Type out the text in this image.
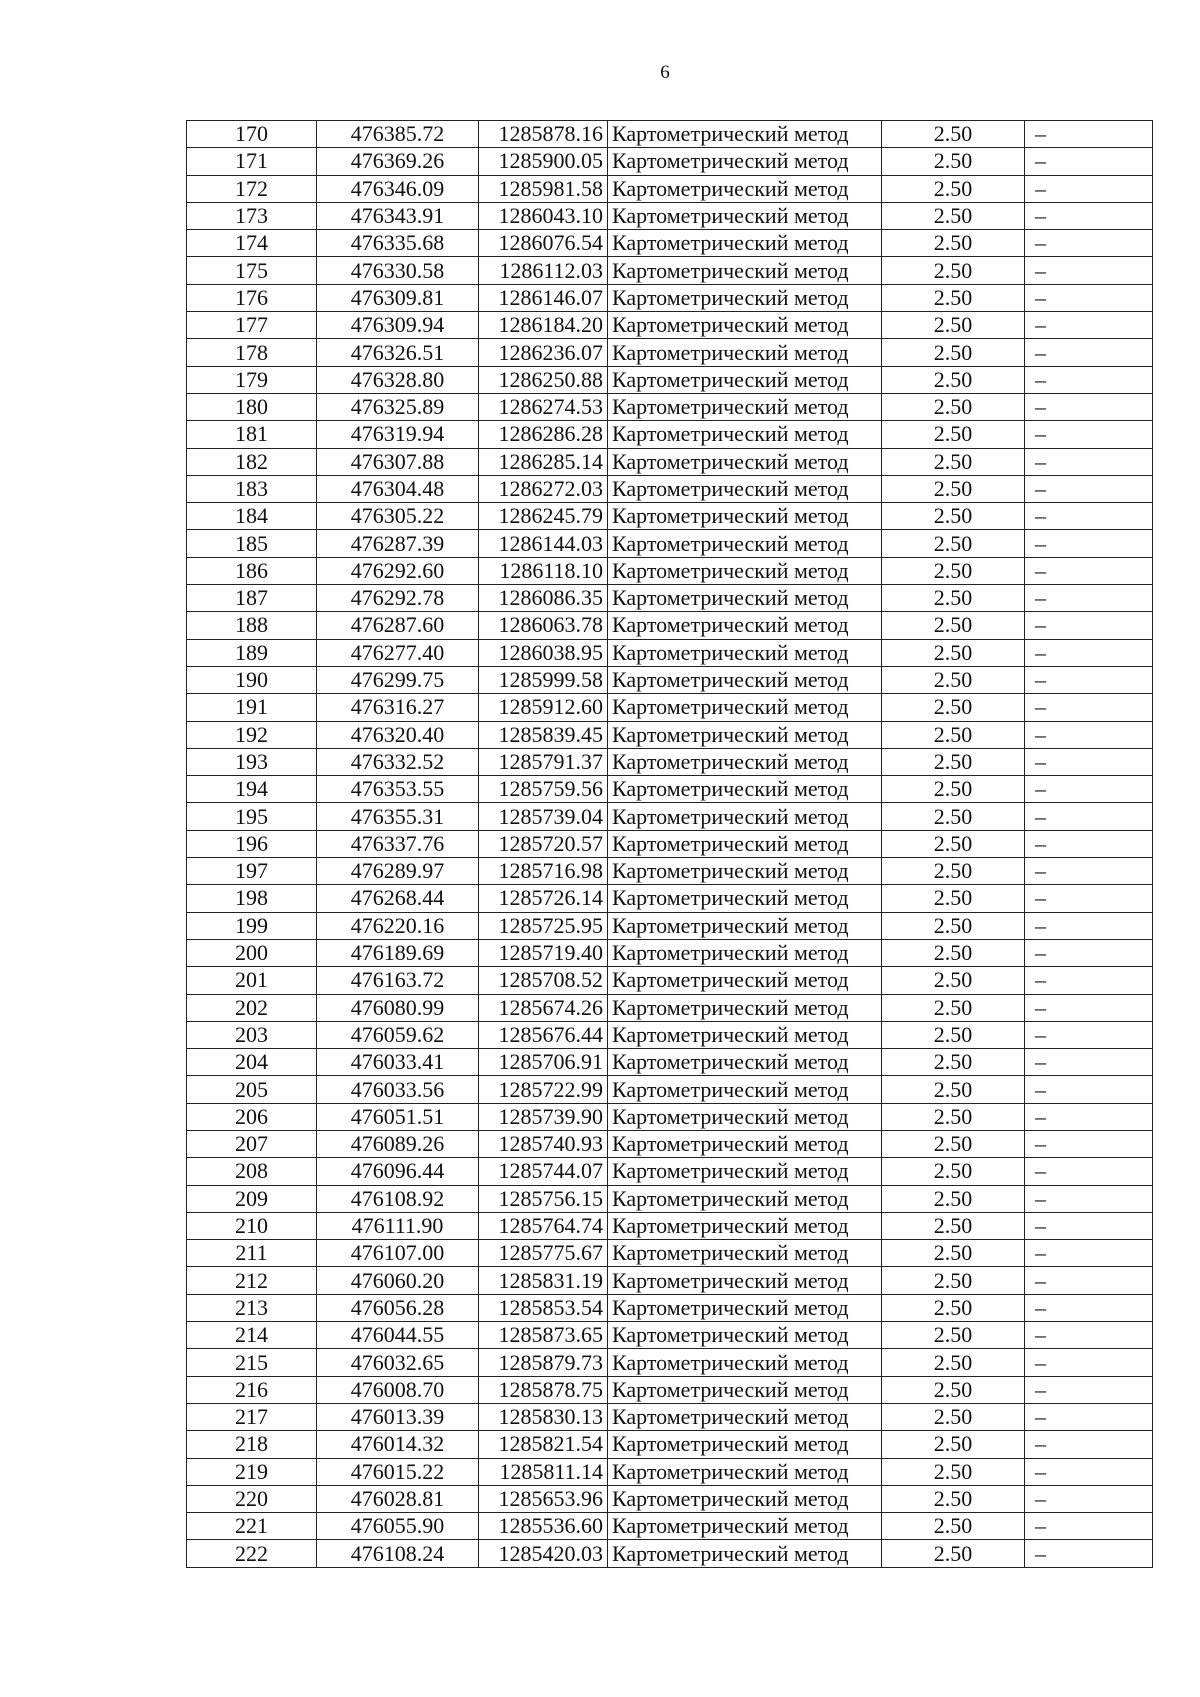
6
170	476385.72	1285878.16	Картометрический метод	2.50	–
171	476369.26	1285900.05	Картометрический метод	2.50	–
172	476346.09	1285981.58	Картометрический метод	2.50	–
173	476343.91	1286043.10	Картометрический метод	2.50	–
174	476335.68	1286076.54	Картометрический метод	2.50	–
175	476330.58	1286112.03	Картометрический метод	2.50	–
176	476309.81	1286146.07	Картометрический метод	2.50	–
177	476309.94	1286184.20	Картометрический метод	2.50	–
178	476326.51	1286236.07	Картометрический метод	2.50	–
179	476328.80	1286250.88	Картометрический метод	2.50	–
180	476325.89	1286274.53	Картометрический метод	2.50	–
181	476319.94	1286286.28	Картометрический метод	2.50	–
182	476307.88	1286285.14	Картометрический метод	2.50	–
183	476304.48	1286272.03	Картометрический метод	2.50	–
184	476305.22	1286245.79	Картометрический метод	2.50	–
185	476287.39	1286144.03	Картометрический метод	2.50	–
186	476292.60	1286118.10	Картометрический метод	2.50	–
187	476292.78	1286086.35	Картометрический метод	2.50	–
188	476287.60	1286063.78	Картометрический метод	2.50	–
189	476277.40	1286038.95	Картометрический метод	2.50	–
190	476299.75	1285999.58	Картометрический метод	2.50	–
191	476316.27	1285912.60	Картометрический метод	2.50	–
192	476320.40	1285839.45	Картометрический метод	2.50	–
193	476332.52	1285791.37	Картометрический метод	2.50	–
194	476353.55	1285759.56	Картометрический метод	2.50	–
195	476355.31	1285739.04	Картометрический метод	2.50	–
196	476337.76	1285720.57	Картометрический метод	2.50	–
197	476289.97	1285716.98	Картометрический метод	2.50	–
198	476268.44	1285726.14	Картометрический метод	2.50	–
199	476220.16	1285725.95	Картометрический метод	2.50	–
200	476189.69	1285719.40	Картометрический метод	2.50	–
201	476163.72	1285708.52	Картометрический метод	2.50	–
202	476080.99	1285674.26	Картометрический метод	2.50	–
203	476059.62	1285676.44	Картометрический метод	2.50	–
204	476033.41	1285706.91	Картометрический метод	2.50	–
205	476033.56	1285722.99	Картометрический метод	2.50	–
206	476051.51	1285739.90	Картометрический метод	2.50	–
207	476089.26	1285740.93	Картометрический метод	2.50	–
208	476096.44	1285744.07	Картометрический метод	2.50	–
209	476108.92	1285756.15	Картометрический метод	2.50	–
210	476111.90	1285764.74	Картометрический метод	2.50	–
211	476107.00	1285775.67	Картометрический метод	2.50	–
212	476060.20	1285831.19	Картометрический метод	2.50	–
213	476056.28	1285853.54	Картометрический метод	2.50	–
214	476044.55	1285873.65	Картометрический метод	2.50	–
215	476032.65	1285879.73	Картометрический метод	2.50	–
216	476008.70	1285878.75	Картометрический метод	2.50	–
217	476013.39	1285830.13	Картометрический метод	2.50	–
218	476014.32	1285821.54	Картометрический метод	2.50	–
219	476015.22	1285811.14	Картометрический метод	2.50	–
220	476028.81	1285653.96	Картометрический метод	2.50	–
221	476055.90	1285536.60	Картометрический метод	2.50	–
222	476108.24	1285420.03	Картометрический метод	2.50	–
